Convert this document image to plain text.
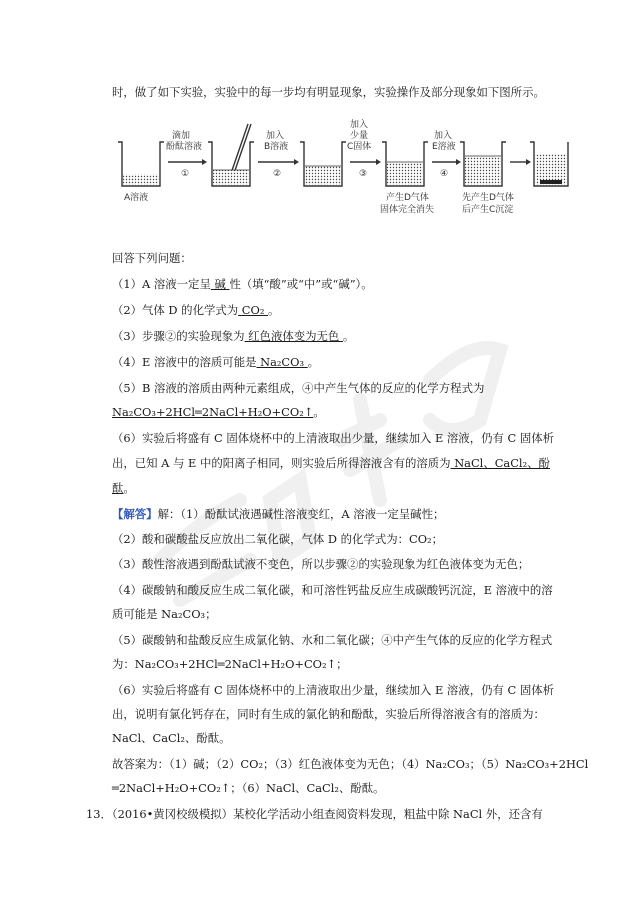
时，做了如下实验，实验中的每一步均有明显现象，实验操作及部分现象如下图所示。
A溶液
滴加
酚酞溶液
①
加入
B溶液
②
加入
少量
C固体
③
产生D气体
固体完全消失
加入
E溶液
④
先产生D气体
后产生C沉淀
回答下列问题：
（1）A 溶液一定呈 碱 性（填“酸”或“中”或“碱”）。
（2）气体 D 的化学式为 CO₂ 。
（3）步骤②的实验现象为 红色液体变为无色 。
（4）E 溶液中的溶质可能是 Na₂CO₃ 。
（5）B 溶液的溶质由两种元素组成，④中产生气体的反应的化学方程式为
Na₂CO₃+2HCl═2NaCl+H₂O+CO₂↑。
（6）实验后将盛有 C 固体烧杯中的上清液取出少量，继续加入 E 溶液，仍有 C 固体析
出，已知 A 与 E 中的阳离子相同，则实验后所得溶液含有的溶质为 NaCl、CaCl₂、酚
酞。
【解答】解：（1）酚酞试液遇碱性溶液变红，A 溶液一定呈碱性；
（2）酸和碳酸盐反应放出二氧化碳，气体 D 的化学式为：CO₂；
（3）酸性溶液遇到酚酞试液不变色，所以步骤②的实验现象为红色液体变为无色；
（4）碳酸钠和酸反应生成二氧化碳，和可溶性钙盐反应生成碳酸钙沉淀，E 溶液中的溶
质可能是 Na₂CO₃；
（5）碳酸钠和盐酸反应生成氯化钠、水和二氧化碳；④中产生气体的反应的化学方程式
为：Na₂CO₃+2HCl═2NaCl+H₂O+CO₂↑；
（6）实验后将盛有 C 固体烧杯中的上清液取出少量，继续加入 E 溶液，仍有 C 固体析
出，说明有氯化钙存在，同时有生成的氯化钠和酚酞，实验后所得溶液含有的溶质为：
NaCl、CaCl₂、酚酞。
故答案为：（1）碱；（2）CO₂；（3）红色液体变为无色；（4）Na₂CO₃；（5）Na₂CO₃+2HCl
═2NaCl+H₂O+CO₂↑；（6）NaCl、CaCl₂、酚酞。
13．（2016•黄冈校级模拟）某校化学活动小组查阅资料发现，粗盐中除 NaCl 外，还含有
